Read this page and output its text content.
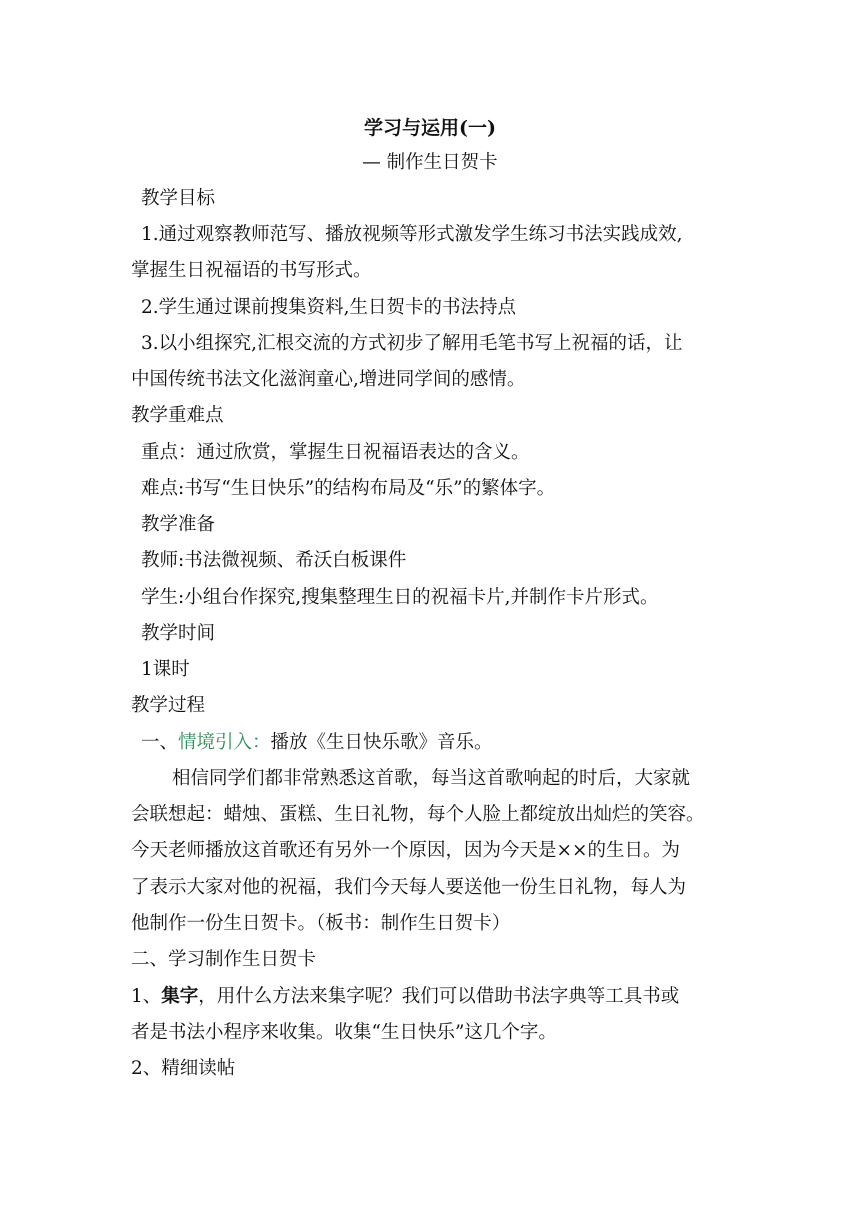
学习与运用(一)
— 制作生日贺卡
教学目标
1.通过观察教师范写、播放视频等形式激发学生练习书法实践成效,
掌握生日祝福语的书写形式。
2.学生通过课前搜集资料,生日贺卡的书法持点
3.以小组探究,汇根交流的方式初步了解用毛笔书写上祝福的话，让
中国传统书法文化滋润童心,增进同学间的感情。
教学重难点
重点：通过欣赏，掌握生日祝福语表达的含义。
难点:书写“生日快乐”的结构布局及“乐”的繁体字。
教学准备
教师:书法微视频、希沃白板课件
学生:小组台作探究,搜集整理生日的祝福卡片,并制作卡片形式。
教学时间
1课时
教学过程
一、情境引入：播放《生日快乐歌》音乐。
相信同学们都非常熟悉这首歌，每当这首歌响起的时后，大家就
会联想起：蜡烛、蛋糕、生日礼物，每个人脸上都绽放出灿烂的笑容。
今天老师播放这首歌还有另外一个原因，因为今天是××的生日。为
了表示大家对他的祝福，我们今天每人要送他一份生日礼物，每人为
他制作一份生日贺卡。（板书：制作生日贺卡）
二、学习制作生日贺卡
1、集字，用什么方法来集字呢？我们可以借助书法字典等工具书或
者是书法小程序来收集。收集“生日快乐”这几个字。
2、精细读帖
